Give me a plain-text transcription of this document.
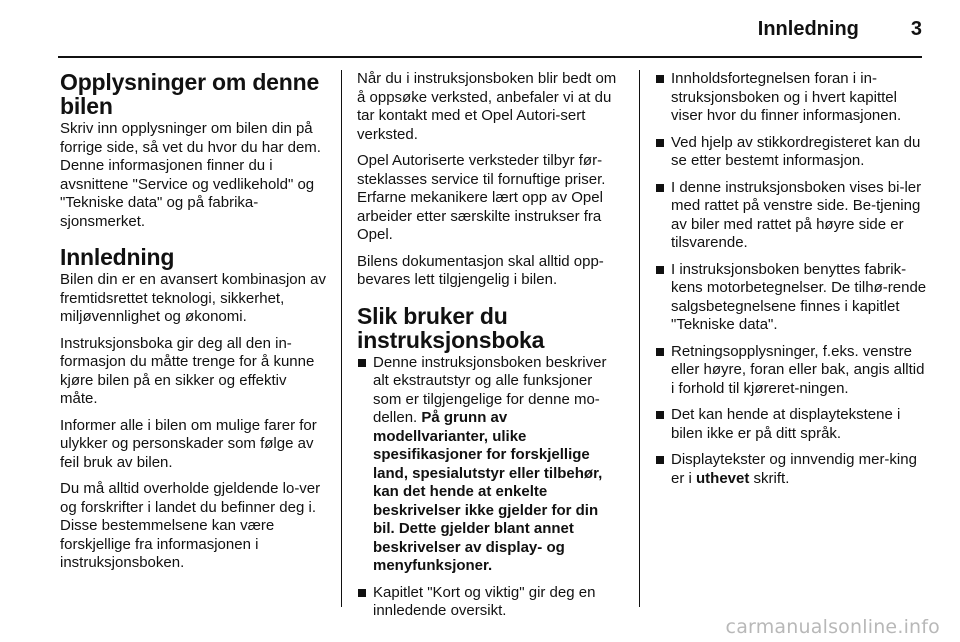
Innledning	3
Opplysninger om denne bilen

Skriv inn opplysninger om bilen din på forrige side, så vet du hvor du har dem. Denne informasjonen finner du i avsnittene "Service og vedlikehold" og "Tekniske data" og på fabrika-sjonsmerket.

Innledning

Bilen din er en avansert kombinasjon av fremtidsrettet teknologi, sikkerhet, miljøvennlighet og økonomi.

Instruksjonsboka gir deg all den in-formasjon du måtte trenge for å kunne kjøre bilen på en sikker og effektiv måte.

Informer alle i bilen om mulige farer for ulykker og personskader som følge av feil bruk av bilen.

Du må alltid overholde gjeldende lo-ver og forskrifter i landet du befinner deg i. Disse bestemmelsene kan være forskjellige fra informasjonen i instruksjonsboken.

Når du i instruksjonsboken blir bedt om å oppsøke verksted, anbefaler vi at du tar kontakt med et Opel Autori-sert verksted.

Opel Autoriserte verksteder tilbyr før-steklasses service til fornuftige priser. Erfarne mekanikere lært opp av Opel arbeider etter særskilte instrukser fra Opel.

Bilens dokumentasjon skal alltid opp-bevares lett tilgjengelig i bilen.

Slik bruker du instruksjonsboka
Denne instruksjonsboken beskriver alt ekstrautstyr og alle funksjoner som er tilgjengelige for denne mo-dellen. På grunn av modellvarianter, ulike spesifikasjoner for forskjellige land, spesialutstyr eller tilbehør, kan det hende at enkelte beskrivelser ikke gjelder for din bil. Dette gjelder blant annet beskrivelser av display- og menyfunksjoner.
Kapitlet "Kort og viktig" gir deg en innledende oversikt.
Innholdsfortegnelsen foran i in-struksjonsboken og i hvert kapittel viser hvor du finner informasjonen.
Ved hjelp av stikkordregisteret kan du se etter bestemt informasjon.
I denne instruksjonsboken vises bi-ler med rattet på venstre side. Be-tjening av biler med rattet på høyre side er tilsvarende.
I instruksjonsboken benyttes fabrik-kens motorbetegnelser. De tilhø-rende salgsbetegnelsene finnes i kapitlet "Tekniske data".
Retningsopplysninger, f.eks. venstre eller høyre, foran eller bak, angis alltid i forhold til kjøreret-ningen.
Det kan hende at displaytekstene i bilen ikke er på ditt språk.
Displaytekster og innvendig mer-king er i uthevet skrift.
carmanualsonline.info
